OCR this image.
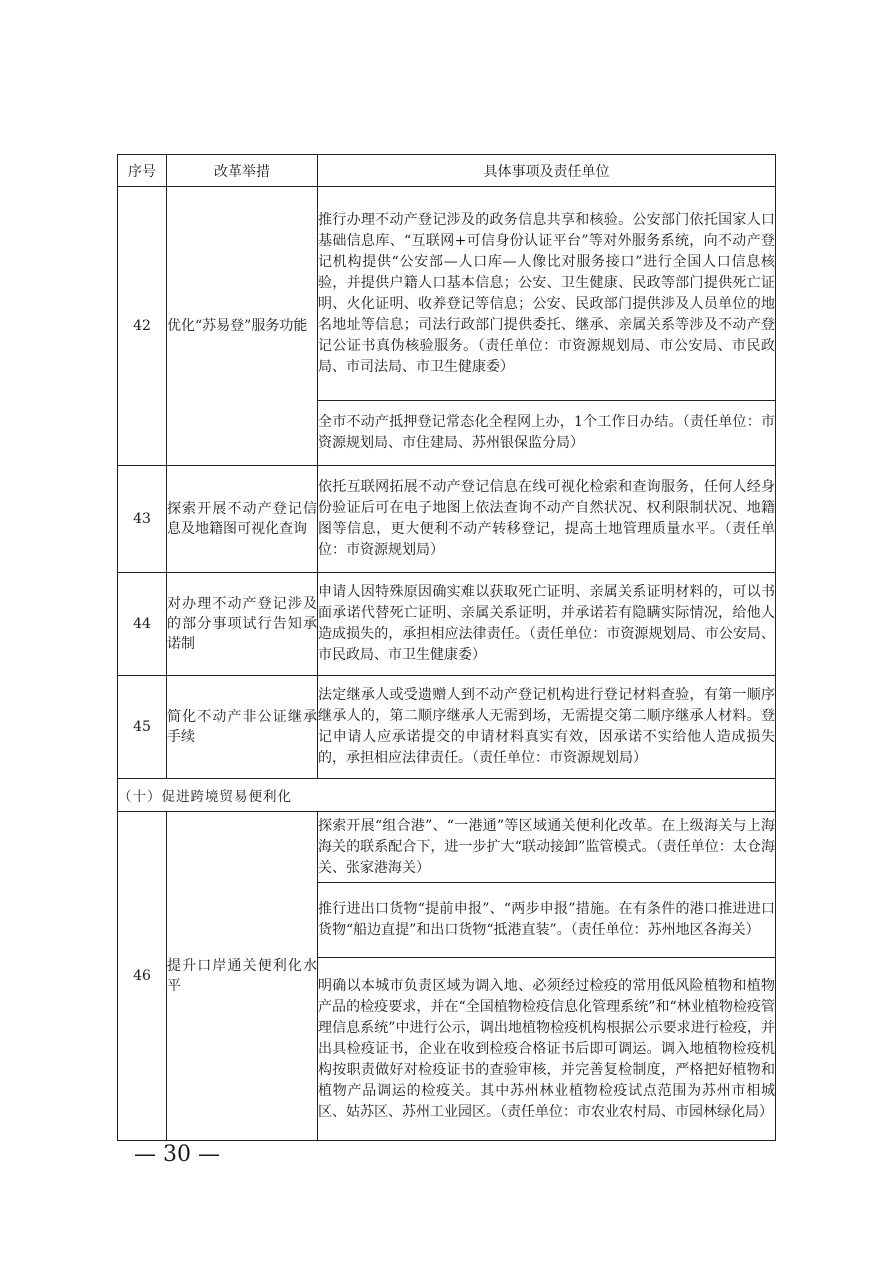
序号	改革举措	具体事项及责任单位
42	优化“苏易登”服务功能	推行办理不动产登记涉及的政务信息共享和核验。公安部门依托国家人口基础信息库、“互联网+可信身份认证平台”等对外服务系统，向不动产登记机构提供“公安部—人口库—人像比对服务接口”进行全国人口信息核验，并提供户籍人口基本信息；公安、卫生健康、民政等部门提供死亡证明、火化证明、收养登记等信息；公安、民政部门提供涉及人员单位的地名地址等信息；司法行政部门提供委托、继承、亲属关系等涉及不动产登记公证书真伪核验服务。（责任单位：市资源规划局、市公安局、市民政局、市司法局、市卫生健康委）
		全市不动产抵押登记常态化全程网上办，1个工作日办结。（责任单位：市资源规划局、市住建局、苏州银保监分局）
43	探索开展不动产登记信息及地籍图可视化查询	依托互联网拓展不动产登记信息在线可视化检索和查询服务，任何人经身份验证后可在电子地图上依法查询不动产自然状况、权利限制状况、地籍图等信息，更大便利不动产转移登记，提高土地管理质量水平。（责任单位：市资源规划局）
44	对办理不动产登记涉及的部分事项试行告知承诺制	申请人因特殊原因确实难以获取死亡证明、亲属关系证明材料的，可以书面承诺代替死亡证明、亲属关系证明，并承诺若有隐瞒实际情况，给他人造成损失的，承担相应法律责任。（责任单位：市资源规划局、市公安局、市民政局、市卫生健康委）
45	简化不动产非公证继承手续	法定继承人或受遗赠人到不动产登记机构进行登记材料查验，有第一顺序继承人的，第二顺序继承人无需到场，无需提交第二顺序继承人材料。登记申请人应承诺提交的申请材料真实有效，因承诺不实给他人造成损失的，承担相应法律责任。（责任单位：市资源规划局）
（十）促进跨境贸易便利化		
46	提升口岸通关便利化水平	探索开展“组合港”、“一港通”等区域通关便利化改革。在上级海关与上海海关的联系配合下，进一步扩大“联动接卸”监管模式。（责任单位：太仓海关、张家港海关）
		推行进出口货物“提前申报”、“两步申报”措施。在有条件的港口推进进口货物“船边直提”和出口货物“抵港直装”。（责任单位：苏州地区各海关）
		明确以本城市负责区域为调入地、必须经过检疫的常用低风险植物和植物产品的检疫要求，并在“全国植物检疫信息化管理系统”和“林业植物检疫管理信息系统”中进行公示，调出地植物检疫机构根据公示要求进行检疫，并出具检疫证书，企业在收到检疫合格证书后即可调运。调入地植物检疫机构按职责做好对检疫证书的查验审核，并完善复检制度，严格把好植物和植物产品调运的检疫关。其中苏州林业植物检疫试点范围为苏州市相城区、姑苏区、苏州工业园区。（责任单位：市农业农村局、市园林绿化局）
— 30 —
